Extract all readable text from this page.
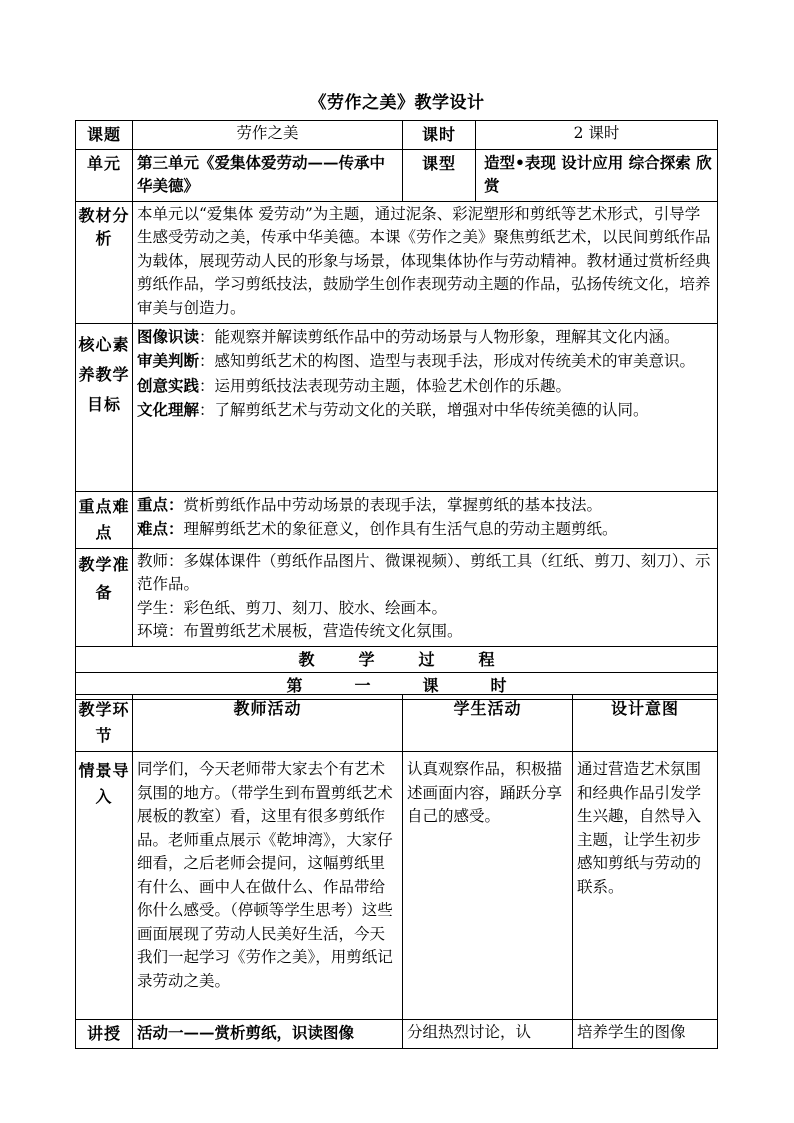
《劳作之美》教学设计
课题	劳作之美	课时	2 课时
单元	第三单元《爱集体爱劳动——传承中华美德》	课型	造型•表现 设计应用 综合探索 欣赏
教材分析	本单元以“爱集体 爱劳动”为主题，通过泥条、彩泥塑形和剪纸等艺术形式，引导学生感受劳动之美，传承中华美德。本课《劳作之美》聚焦剪纸艺术，以民间剪纸作品为载体，展现劳动人民的形象与场景，体现集体协作与劳动精神。教材通过赏析经典剪纸作品，学习剪纸技法，鼓励学生创作表现劳动主题的作品，弘扬传统文化，培养审美与创造力。		
核心素养教学目标	图像识读：能观察并解读剪纸作品中的劳动场景与人物形象，理解其文化内涵。

审美判断：感知剪纸艺术的构图、造型与表现手法，形成对传统美术的审美意识。

创意实践：运用剪纸技法表现劳动主题，体验艺术创作的乐趣。

文化理解：了解剪纸艺术与劳动文化的关联，增强对中华传统美德的认同。		

重点难点	重点：赏析剪纸作品中劳动场景的表现手法，掌握剪纸的基本技法。

难点：理解剪纸艺术的象征意义，创作具有生活气息的劳动主题剪纸。		

教学准备	教师：多媒体课件（剪纸作品图片、微课视频）、剪纸工具（红纸、剪刀、刻刀）、示范作品。

学生：彩色纸、剪刀、刻刀、胶水、绘画本。

环境：布置剪纸艺术展板，营造传统文化氛围。		

教 学 过 程			
第 一 课 时			
教学环节	教师活动	学生活动	设计意图
情景导入	同学们，今天老师带大家去个有艺术氛围的地方。（带学生到布置剪纸艺术展板的教室）看，这里有很多剪纸作品。老师重点展示《乾坤湾》，大家仔细看，之后老师会提问，这幅剪纸里有什么、画中人在做什么、作品带给你什么感受。（停顿等学生思考）这些画面展现了劳动人民美好生活，今天我们一起学习《劳作之美》，用剪纸记录劳动之美。	认真观察作品，积极描述画面内容，踊跃分享自己的感受。	通过营造艺术氛围和经典作品引发学生兴趣，自然导入主题，让学生初步感知剪纸与劳动的联系。
讲授	活动一——赏析剪纸，识读图像	分组热烈讨论，认	培养学生的图像
